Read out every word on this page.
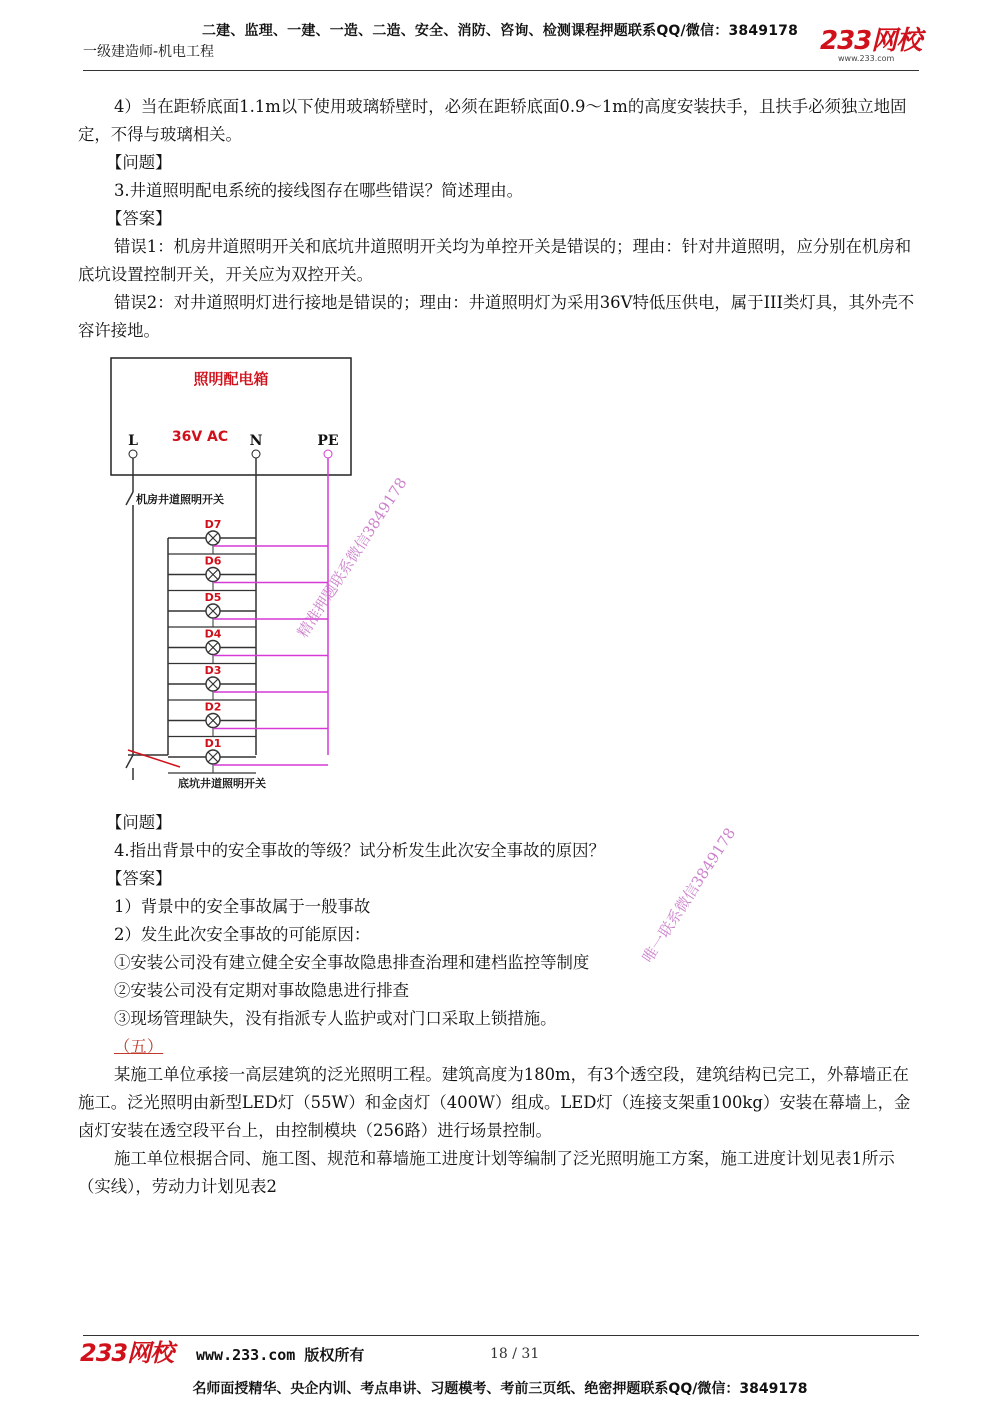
二建、监理、一建、一造、二造、安全、消防、咨询、检测课程押题联系QQ/微信：3849178
一级建造师-机电工程	233网校
www.233.com

4）当在距轿底面1.1m以下使用玻璃轿壁时，必须在距轿底面0.9～1m的高度安装扶手，且扶手必须独立地固定，不得与玻璃相关。

【问题】

3.井道照明配电系统的接线图存在哪些错误？简述理由。

【答案】

错误1：机房井道照明开关和底坑井道照明开关均为单控开关是错误的；理由：针对井道照明，应分别在机房和底坑设置控制开关，开关应为双控开关。

错误2：对井道照明灯进行接地是错误的；理由：井道照明灯为采用36V特低压供电，属于III类灯具，其外壳不容许接地。

【问题】

4.指出背景中的安全事故的等级？试分析发生此次安全事故的原因？

【答案】

1）背景中的安全事故属于一般事故

2）发生此次安全事故的可能原因：

①安装公司没有建立健全安全事故隐患排查治理和建档监控等制度

②安装公司没有定期对事故隐患进行排查

③现场管理缺失，没有指派专人监护或对门口采取上锁措施。

（五）

某施工单位承接一高层建筑的泛光照明工程。建筑高度为180m，有3个透空段，建筑结构已完工，外幕墙正在施工。泛光照明由新型LED灯（55W）和金卤灯（400W）组成。LED灯（连接支架重100kg）安装在幕墙上，金卤灯安装在透空段平台上，由控制模块（256路）进行场景控制。

施工单位根据合同、施工图、规范和幕墙施工进度计划等编制了泛光照明施工方案，施工进度计划见表1所示（实线），劳动力计划见表2

照明配电箱
36V AC
L	N	PE
机房井道照明开关
底坑井道照明开关
D7
D6
D5
D4
D3
D2
D1
精准押题联系微信3849178
唯一联系微信3849178
233网校 www.233.com 版权所有	18 / 31
名师面授精华、央企内训、考点串讲、习题模考、考前三页纸、绝密押题联系QQ/微信：3849178
